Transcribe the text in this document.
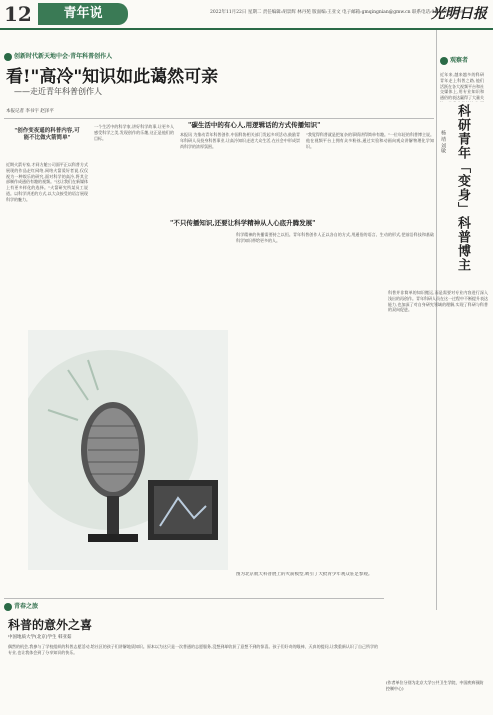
12	青年说	2022年11月22日 星期二 责任编辑:胡景辉 林丹苑 版面编:王亚文 电子邮箱:gmqingnian@gmw.cn 联系电话:010-67078886
光明日报
创新时代新天地中会·青年科普创作人
看!"高冷"知识如此蔼然可亲
——走近青年科普创作人
本报记者 李书宇 赵泽平
"创作变夜遥的科普内容,可能不比做火箭简单"
近期火箭专家,才同方舱公司面平正以科普方式展现的作品走红网络,网络火箭爱好者说,仅仅视为一种娱乐的研究,面对科学的高冷,将其全部制作成通俗有趣的视频。"这让我们在新媒体上有更多样化的选择。"火箭研究所某员工说道。以科学讲述的方式,以大众接受的语言展现科学的魅力。
一个生活中的科学家,讲好科学故事,让更多人感受科学之美,发现创作的乐趣,这正是他们的目标。
"碳生活中的有心人,用逻辑话的方式传播知识"
本报讯 为推动青年科普创作,中国科协相关部门发起多项活动,鼓励青年科研人员投身科普事业,让高冷知识走进大众生活,在社会中形成崇尚科学的浓厚氛围。
"我觉得科普就是把复杂的事情讲得简单有趣。"一位年轻的科普博主说。他在视频平台上拥有众多粉丝,通过实验和动画向观众讲解物理化学知识。
"不只传播知识,还要让科学精神从人心底升腾发展"
科学精神的传播需要持之以恒。青年科普创作人正以各自的方式,用通俗的语言、生动的形式,把前沿科技和基础科学知识带给更多的人。
图为北京航天科普展上的火箭模型,吸引了大批青少年观众驻足参观。
观察者
科研青年「变身」科普博主
杨 靖 刘敏
近年来,越来越多的科研青年走上科普之路,他们活跃在各大视频平台和社交媒体上,用专业知识和通俗的表达赢得了大量关
科普并非简单的知识搬运,而是需要对专业内容进行深入浅出的再创作。青年科研人员在这一过程中不断提升表达能力,也加深了对自身研究领域的理解,实现了科研与科普的双向促进。
(作者单位分别为北京大学公共卫生学院、中国疾病预防控制中心)
青春之旅
科普的意外之喜
中国地质大学(北京)学生 韩亚茹
偶然的机会,我参与了学校组织的科普志愿活动,给社区的孩子们讲解地质知识。原本以为这只是一次普通的志愿服务,没想到却收获了意想不到的惊喜。孩子们好奇的眼神、天真的提问,让我重新认识了自己所学的专业,也让我体会到了分享知识的快乐。
